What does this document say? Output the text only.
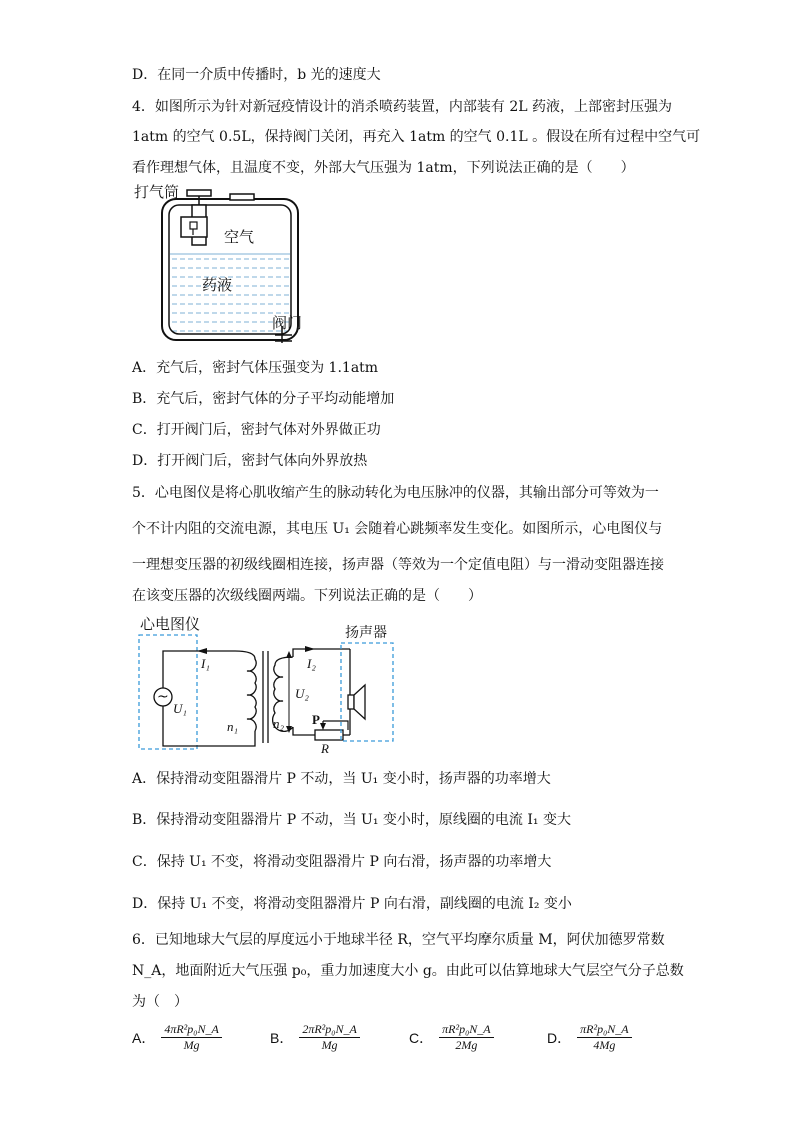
D．在同一介质中传播时，b 光的速度大
4．如图所示为针对新冠疫情设计的消杀喷药装置，内部装有 2L 药液，上部密封压强为
1atm 的空气 0.5L，保持阀门关闭，再充入 1atm 的空气 0.1L 。假设在所有过程中空气可
看作理想气体，且温度不变，外部大气压强为 1atm，下列说法正确的是（　　）
打气筒
空气
药液
阀门
A．充气后，密封气体压强变为 1.1atm
B．充气后，密封气体的分子平均动能增加
C．打开阀门后，密封气体对外界做正功
D．打开阀门后，密封气体向外界放热
5．心电图仪是将心肌收缩产生的脉动转化为电压脉冲的仪器，其输出部分可等效为一
个不计内阻的交流电源，其电压 U₁ 会随着心跳频率发生变化。如图所示，心电图仪与
一理想变压器的初级线圈相连接，扬声器（等效为一个定值电阻）与一滑动变阻器连接
在该变压器的次级线圈两端。下列说法正确的是（　　）
心电图仪	扬声器
~
I₁
U₁
n₁
I₂
U₂
n₂ P
R
A．保持滑动变阻器滑片 P 不动，当 U₁ 变小时，扬声器的功率增大
B．保持滑动变阻器滑片 P 不动，当 U₁ 变小时，原线圈的电流 I₁ 变大
C．保持 U₁ 不变，将滑动变阻器滑片 P 向右滑，扬声器的功率增大
D．保持 U₁ 不变，将滑动变阻器滑片 P 向右滑，副线圈的电流 I₂ 变小
6．已知地球大气层的厚度远小于地球半径 R，空气平均摩尔质量 M，阿伏加德罗常数
N_A，地面附近大气压强 p₀，重力加速度大小 g。由此可以估算地球大气层空气分子总数
为（　）
A． $\frac{\text{4πR²p₀N\_A}}{Mg}$	B． $\frac{\text{2πR²p₀N\_A}}{Mg}$	C． $\frac{\text{πR²p₀N\_A}}{2Mg}$	D． $\frac{\text{πR²p₀N\_A}}{4Mg}$
